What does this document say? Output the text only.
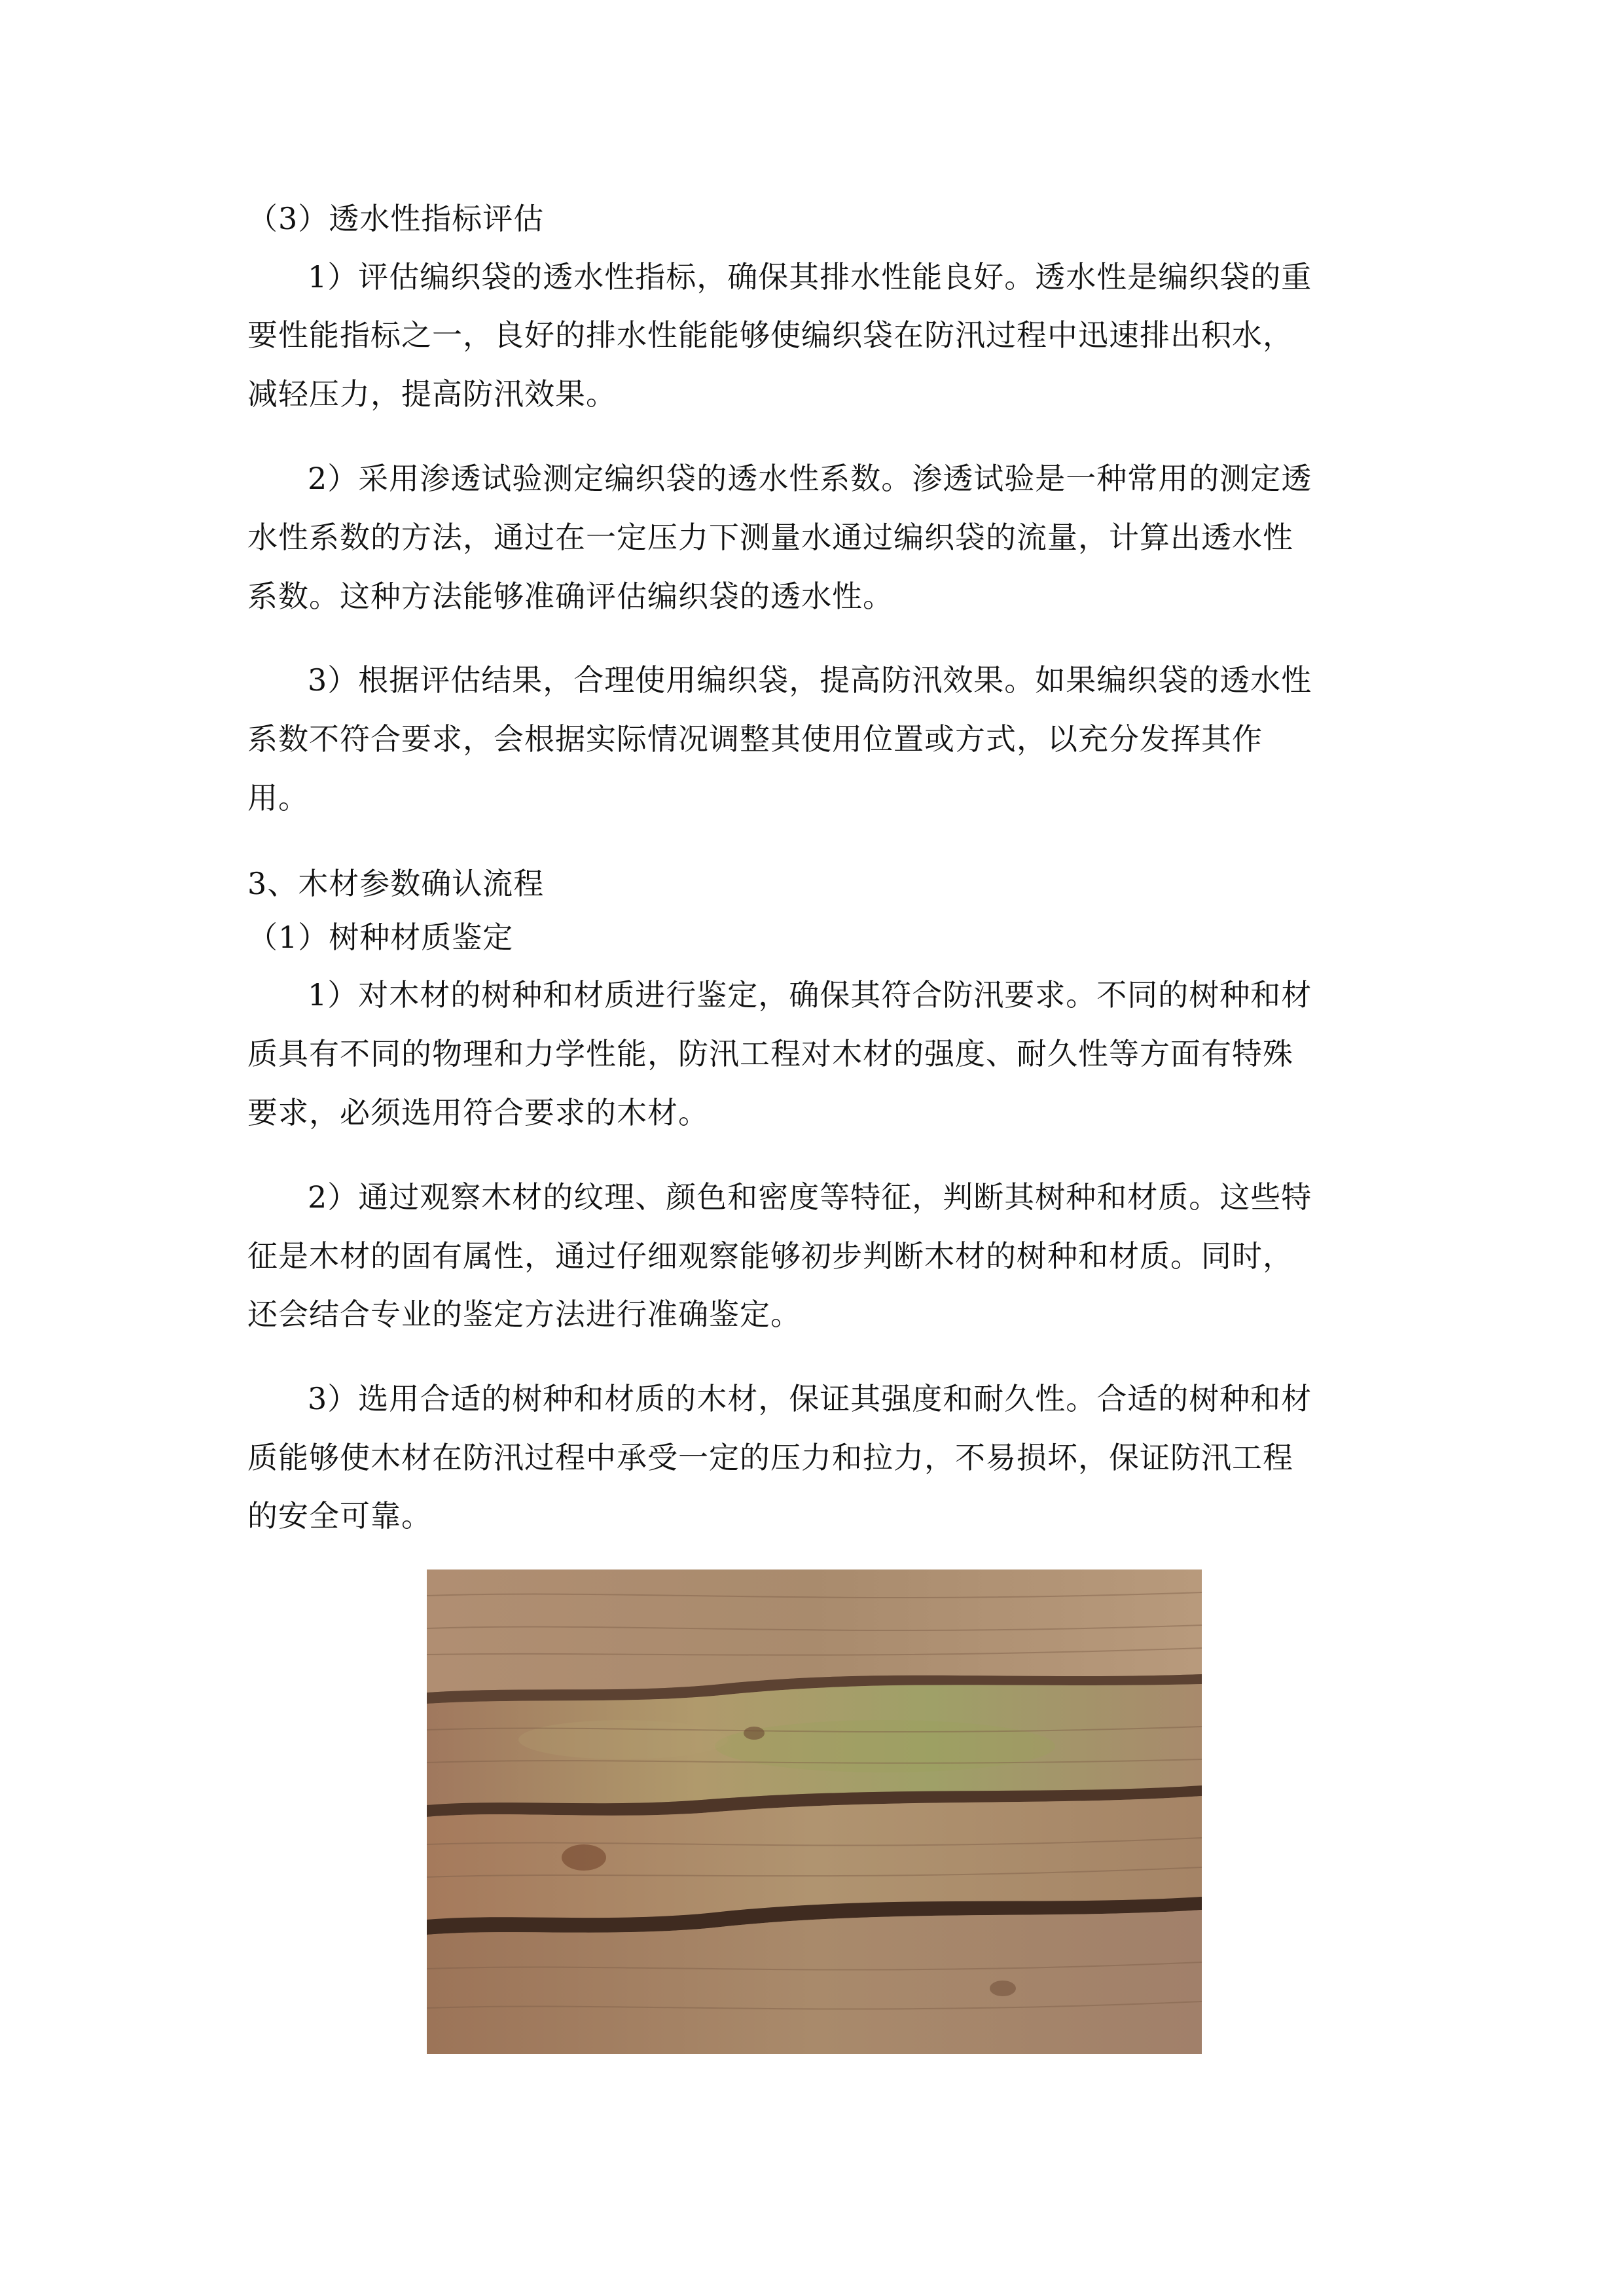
（3）透水性指标评估
1）评估编织袋的透水性指标，确保其排水性能良好。透水性是编织袋的重
要性能指标之一，良好的排水性能能够使编织袋在防汛过程中迅速排出积水，
减轻压力，提高防汛效果。
2）采用渗透试验测定编织袋的透水性系数。渗透试验是一种常用的测定透
水性系数的方法，通过在一定压力下测量水通过编织袋的流量，计算出透水性
系数。这种方法能够准确评估编织袋的透水性。
3）根据评估结果，合理使用编织袋，提高防汛效果。如果编织袋的透水性
系数不符合要求，会根据实际情况调整其使用位置或方式，以充分发挥其作
用。
3、木材参数确认流程
（1）树种材质鉴定
1）对木材的树种和材质进行鉴定，确保其符合防汛要求。不同的树种和材
质具有不同的物理和力学性能，防汛工程对木材的强度、耐久性等方面有特殊
要求，必须选用符合要求的木材。
2）通过观察木材的纹理、颜色和密度等特征，判断其树种和材质。这些特
征是木材的固有属性，通过仔细观察能够初步判断木材的树种和材质。同时，
还会结合专业的鉴定方法进行准确鉴定。
3）选用合适的树种和材质的木材，保证其强度和耐久性。合适的树种和材
质能够使木材在防汛过程中承受一定的压力和拉力，不易损坏，保证防汛工程
的安全可靠。
